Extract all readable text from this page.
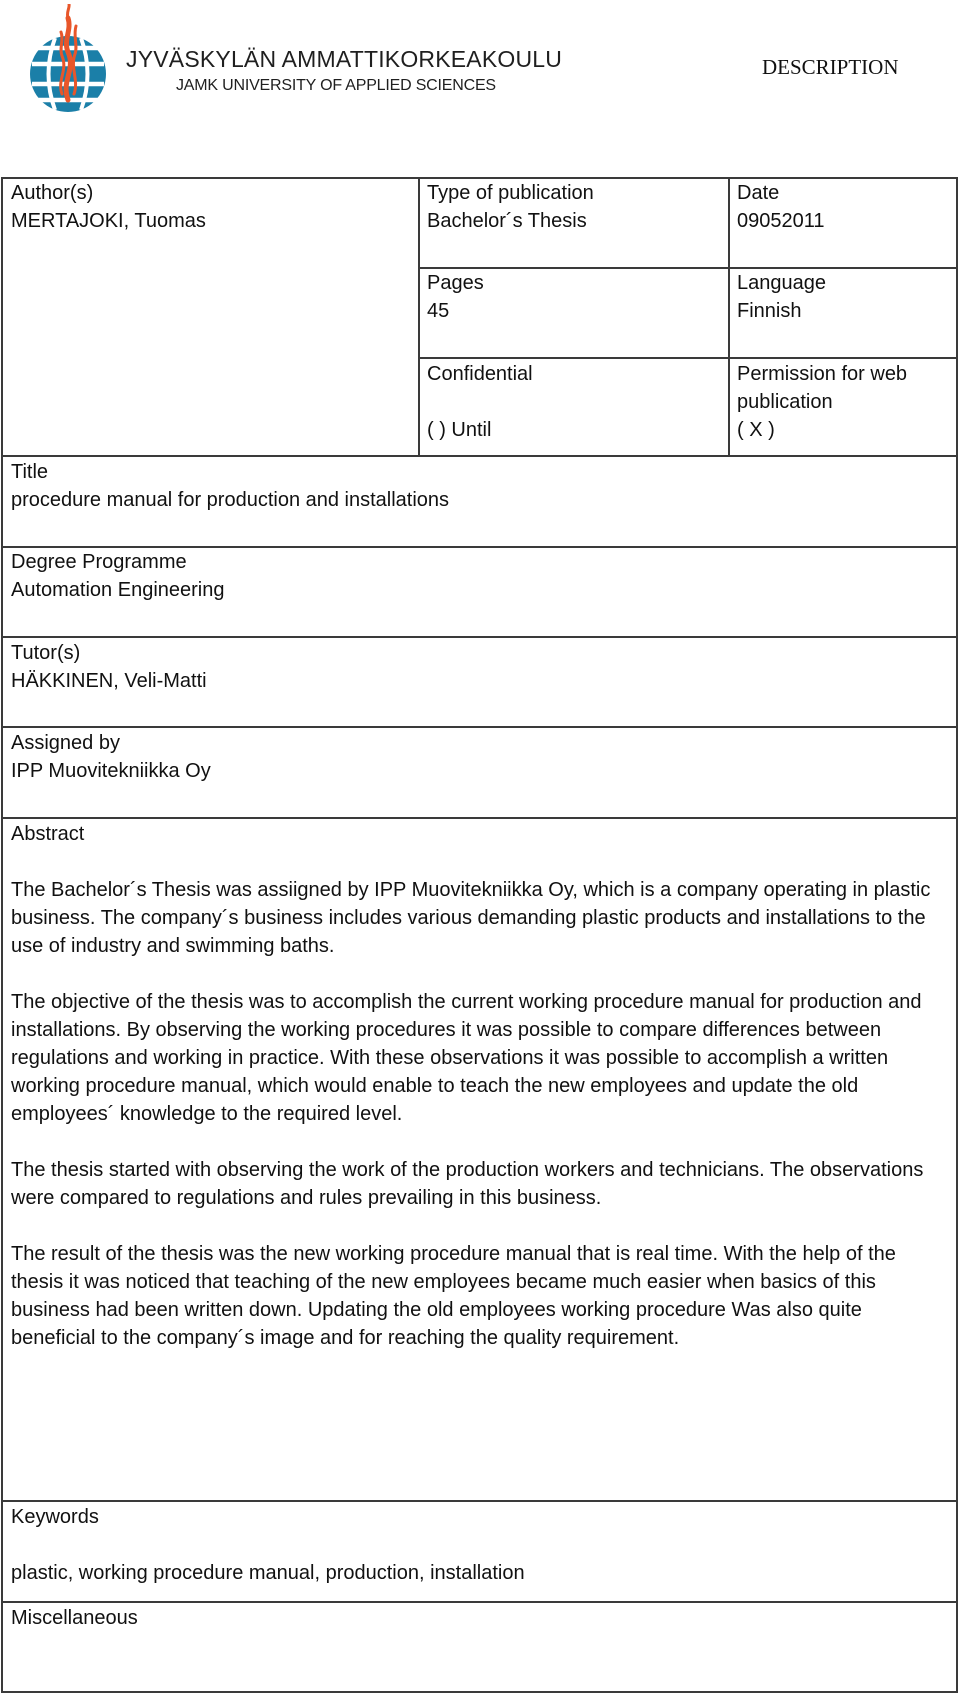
JYVÄSKYLÄN AMMATTIKORKEAKOULU
JAMK UNIVERSITY OF APPLIED SCIENCES
DESCRIPTION
Author(s)
MERTAJOKI, Tuomas
Type of publication
Bachelor´s Thesis
Date
09052011
Pages
45
Language
Finnish
Confidential
( ) Until
Permission for web
publication
( X )
Title
procedure manual for production and installations
Degree Programme
Automation Engineering
Tutor(s)
HÄKKINEN, Veli-Matti
Assigned by
IPP Muovitekniikka Oy
Abstract

The Bachelor´s Thesis was assiigned by IPP Muovitekniikka Oy, which is a company operating in plastic business. The company´s business includes various demanding plastic products and installations to the use of industry and swimming baths.

The objective of the thesis was to accomplish the current working procedure manual for production and installations. By observing the working procedures it was possible to compare differences between regulations and working in practice. With these observations it was possible to accomplish a written working procedure manual, which would enable to teach the new employees and update the old employees´ knowledge to the required level.

The thesis started with observing the work of the production workers and technicians. The observations were compared to regulations and rules prevailing in this business.

The result of the thesis was the new working procedure manual that is real time. With the help of the thesis it was noticed that teaching of the new employees became much easier when basics of this business had been written down. Updating the old employees working procedure Was also quite beneficial to the company´s image and for reaching the quality requirement.

Keywords
plastic, working procedure manual, production, installation
Miscellaneous
